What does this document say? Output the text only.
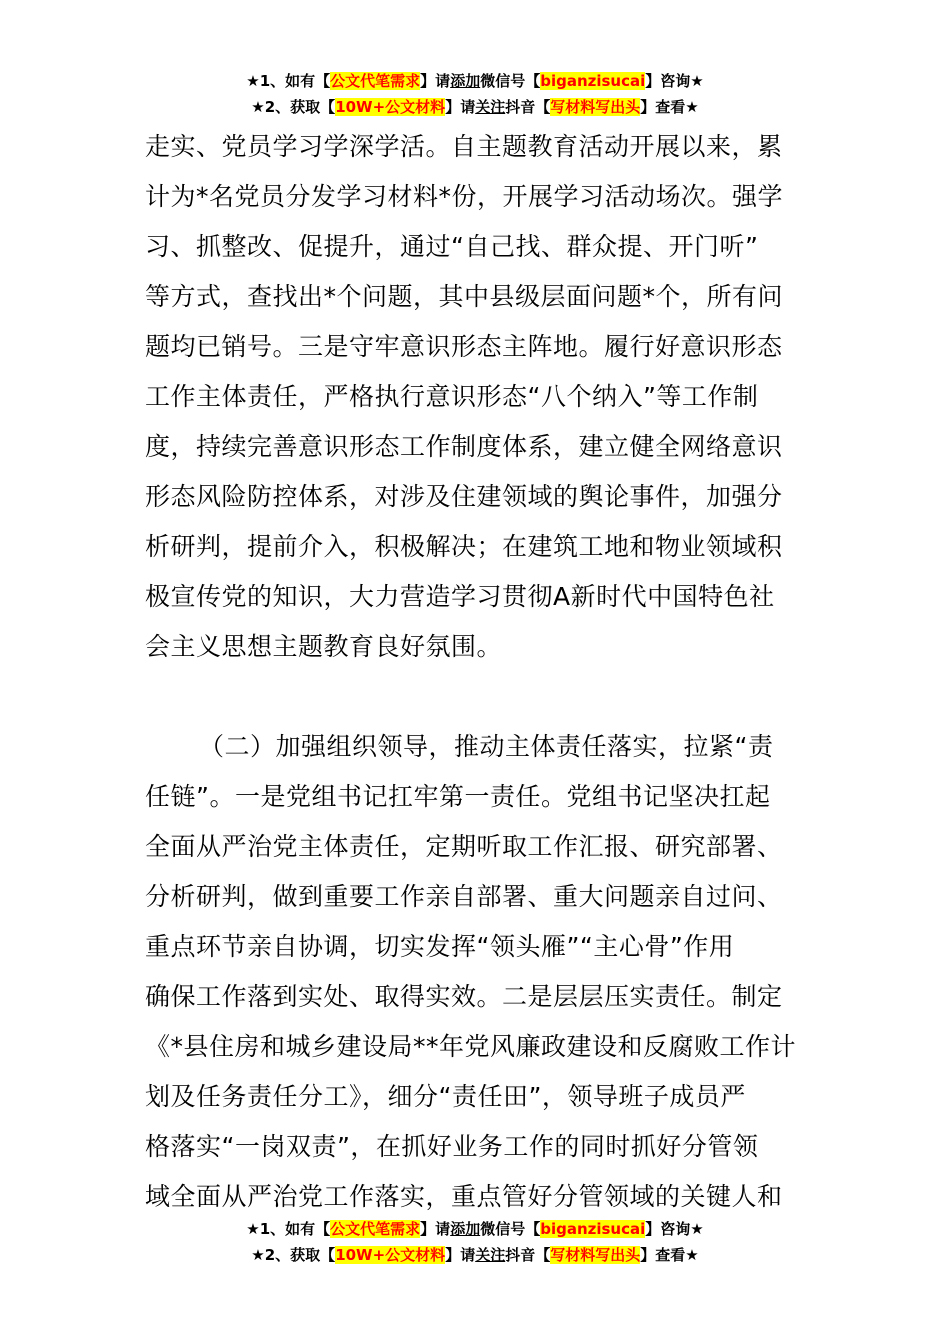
★1、如有【公文代笔需求】请添加微信号【biganzisucai】咨询★
★2、获取【10W+公文材料】请关注抖音【写材料写出头】查看★
走实、党员学习学深学活。自主题教育活动开展以来，累
计为*名党员分发学习材料*份，开展学习活动场次。强学
习、抓整改、促提升，通过“自己找、群众提、开门听”
等方式，查找出*个问题，其中县级层面问题*个，所有问
题均已销号。三是守牢意识形态主阵地。履行好意识形态
工作主体责任，严格执行意识形态“八个纳入”等工作制
度，持续完善意识形态工作制度体系，建立健全网络意识
形态风险防控体系，对涉及住建领域的舆论事件，加强分
析研判，提前介入，积极解决；在建筑工地和物业领域积
极宣传党的知识，大力营造学习贯彻A新时代中国特色社
会主义思想主题教育良好氛围。
（二）加强组织领导，推动主体责任落实，拉紧“责
任链”。一是党组书记扛牢第一责任。党组书记坚决扛起
全面从严治党主体责任，定期听取工作汇报、研究部署、
分析研判，做到重要工作亲自部署、重大问题亲自过问、
重点环节亲自协调，切实发挥“领头雁”“主心骨”作用
确保工作落到实处、取得实效。二是层层压实责任。制定
《*县住房和城乡建设局**年党风廉政建设和反腐败工作计
划及任务责任分工》，细分“责任田”，领导班子成员严
格落实“一岗双责”，在抓好业务工作的同时抓好分管领
域全面从严治党工作落实，重点管好分管领域的关键人和
★1、如有【公文代笔需求】请添加微信号【biganzisucai】咨询★
★2、获取【10W+公文材料】请关注抖音【写材料写出头】查看★
